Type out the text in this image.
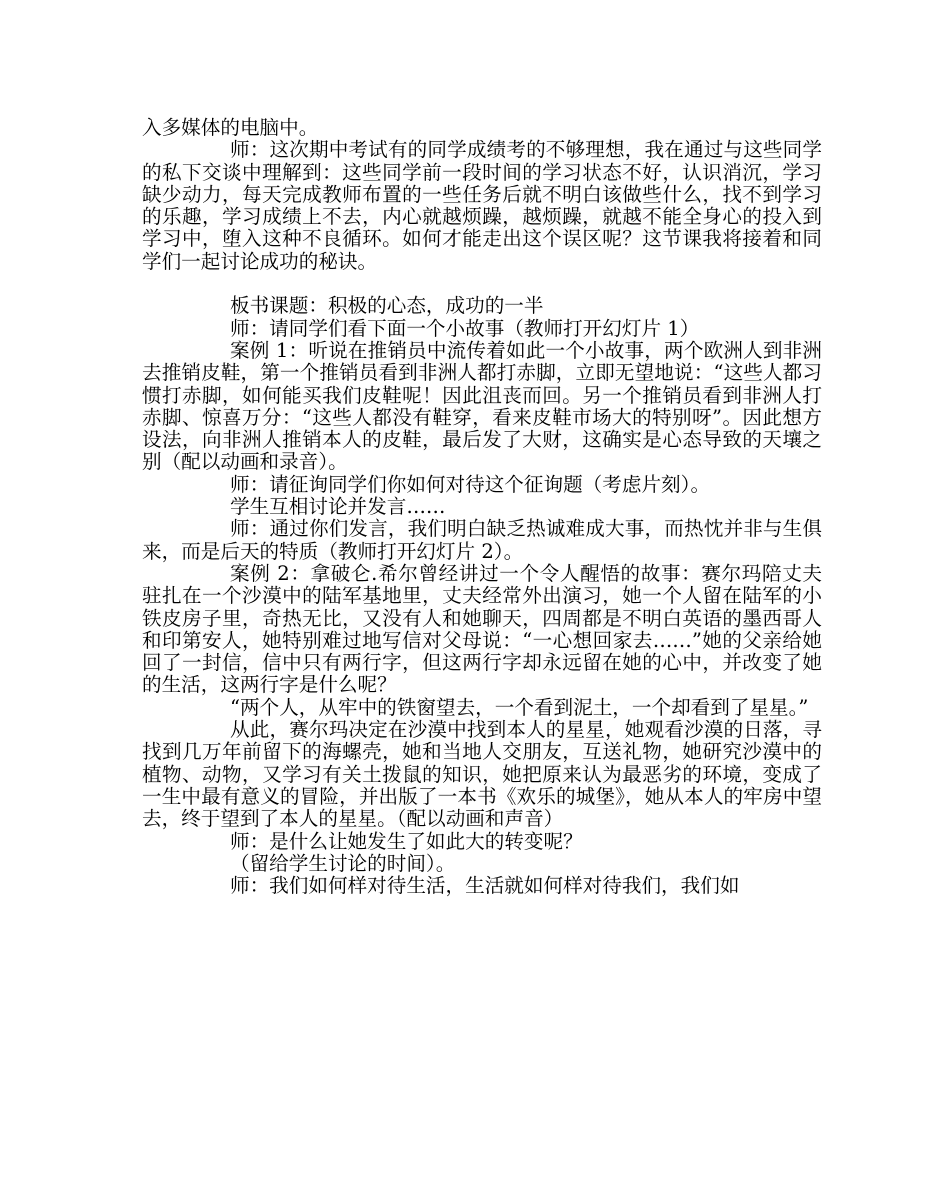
入多媒体的电脑中。

师：这次期中考试有的同学成绩考的不够理想，我在通过与这些同学的私下交谈中理解到：这些同学前一段时间的学习状态不好，认识消沉，学习缺少动力，每天完成教师布置的一些任务后就不明白该做些什么，找不到学习的乐趣，学习成绩上不去，内心就越烦躁，越烦躁，就越不能全身心的投入到学习中，堕入这种不良循环。如何才能走出这个误区呢？这节课我将接着和同学们一起讨论成功的秘诀。

板书课题：积极的心态，成功的一半

师：请同学们看下面一个小故事（教师打开幻灯片 1）

案例 1：听说在推销员中流传着如此一个小故事，两个欧洲人到非洲去推销皮鞋，第一个推销员看到非洲人都打赤脚，立即无望地说：“这些人都习惯打赤脚，如何能买我们皮鞋呢！因此沮丧而回。另一个推销员看到非洲人打赤脚、惊喜万分：“这些人都没有鞋穿，看来皮鞋市场大的特别呀”。因此想方设法，向非洲人推销本人的皮鞋，最后发了大财，这确实是心态导致的天壤之别（配以动画和录音）。

师：请征询同学们你如何对待这个征询题（考虑片刻）。

学生互相讨论并发言……

师：通过你们发言，我们明白缺乏热诚难成大事，而热忱并非与生俱来，而是后天的特质（教师打开幻灯片 2）。

案例 2：拿破仑.希尔曾经讲过一个令人醒悟的故事：赛尔玛陪丈夫驻扎在一个沙漠中的陆军基地里，丈夫经常外出演习，她一个人留在陆军的小铁皮房子里，奇热无比，又没有人和她聊天，四周都是不明白英语的墨西哥人和印第安人，她特别难过地写信对父母说：“一心想回家去……”她的父亲给她回了一封信，信中只有两行字，但这两行字却永远留在她的心中，并改变了她的生活，这两行字是什么呢？

“两个人，从牢中的铁窗望去，一个看到泥土，一个却看到了星星。”

从此，赛尔玛决定在沙漠中找到本人的星星，她观看沙漠的日落，寻找到几万年前留下的海螺壳，她和当地人交朋友，互送礼物，她研究沙漠中的植物、动物，又学习有关土拨鼠的知识，她把原来认为最恶劣的环境，变成了一生中最有意义的冒险，并出版了一本书《欢乐的城堡》，她从本人的牢房中望去，终于望到了本人的星星。（配以动画和声音）

师：是什么让她发生了如此大的转变呢？

（留给学生讨论的时间）。

师：我们如何样对待生活，生活就如何样对待我们，我们如
